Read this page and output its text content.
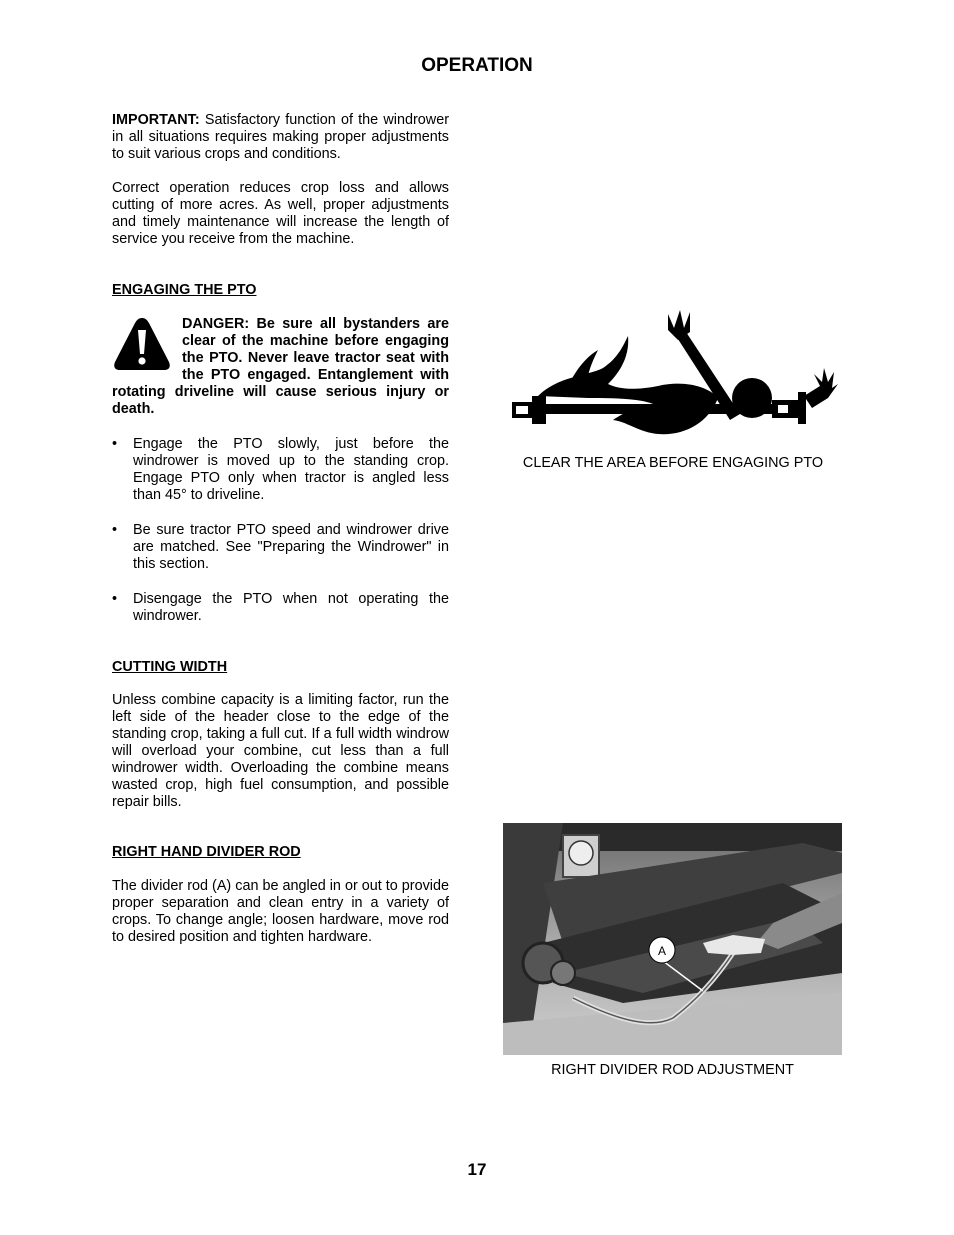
OPERATION

IMPORTANT: Satisfactory function of the windrower in all situations requires making proper adjustments to suit various crops and conditions.

Correct operation reduces crop loss and allows cutting of more acres. As well, proper adjustments and timely maintenance will increase the length of service you receive from the machine.

ENGAGING THE PTO

DANGER: Be sure all bystanders are clear of the machine before engaging the PTO. Never leave tractor seat with the PTO engaged. Entanglement with rotating driveline will cause serious injury or death.

• Engage the PTO slowly, just before the windrower is moved up to the standing crop. Engage PTO only when tractor is angled less than 45° to driveline.

• Be sure tractor PTO speed and windrower drive are matched. See "Preparing the Windrower" in this section.

• Disengage the PTO when not operating the windrower.

CUTTING WIDTH

Unless combine capacity is a limiting factor, run the left side of the header close to the edge of the standing crop, taking a full cut. If a full width windrow will overload your combine, cut less than a full windrower width. Overloading the combine means wasted crop, high fuel consumption, and possible repair bills.

RIGHT HAND DIVIDER ROD

The divider rod (A) can be angled in or out to provide proper separation and clean entry in a variety of crops. To change angle; loosen hardware, move rod to desired position and tighten hardware.

CLEAR THE AREA BEFORE ENGAGING PTO
A
RIGHT DIVIDER ROD ADJUSTMENT
17
